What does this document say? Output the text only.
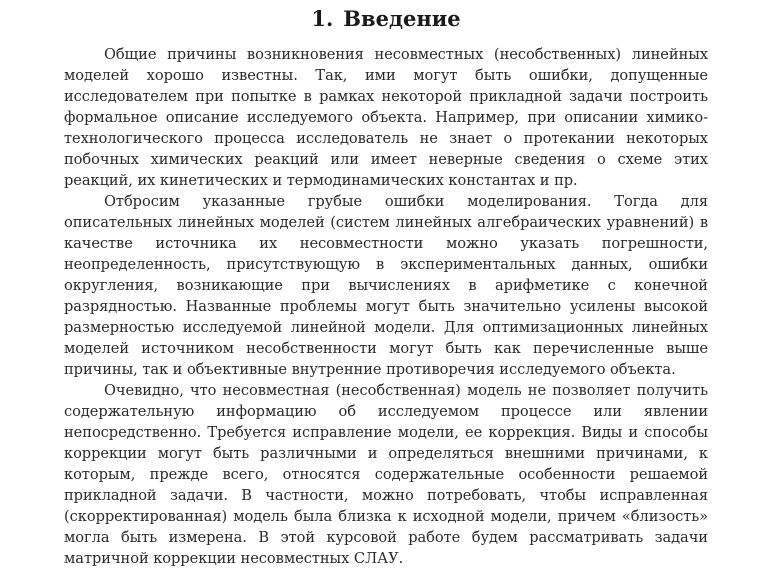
1. Введение

Общие причины возникновения несовместных (несобственных) линейных моделей хорошо известны. Так, ими могут быть ошибки, допущенные исследователем при попытке в рамках некоторой прикладной задачи построить формальное описание исследуемого объекта. Например, при описании химико-технологического процесса исследователь не знает о протекании некоторых побочных химических реакций или имеет неверные сведения о схеме этих реакций, их кинетических и термодинамических константах и пр.

Отбросим указанные грубые ошибки моделирования. Тогда для описательных линейных моделей (систем линейных алгебраических уравнений) в качестве источника их несовместности можно указать погрешности, неопределенность, присутствующую в экспериментальных данных, ошибки округления, возникающие при вычислениях в арифметике с конечной разрядностью. Названные проблемы могут быть значительно усилены высокой размерностью исследуемой линейной модели. Для оптимизационных линейных моделей источником несобственности могут быть как перечисленные выше причины, так и объективные внутренние противоречия исследуемого объекта.

Очевидно, что несовместная (несобственная) модель не позволяет получить содержательную информацию об исследуемом процессе или явлении непосредственно. Требуется исправление модели, ее коррекция. Виды и способы коррекции могут быть различными и определяться внешними причинами, к которым, прежде всего, относятся содержательные особенности решаемой прикладной задачи. В частности, можно потребовать, чтобы исправленная (скорректированная) модель была близка к исходной модели, причем «близость» могла быть измерена. В этой курсовой работе будем рассматривать задачи матричной коррекции несовместных СЛАУ.
